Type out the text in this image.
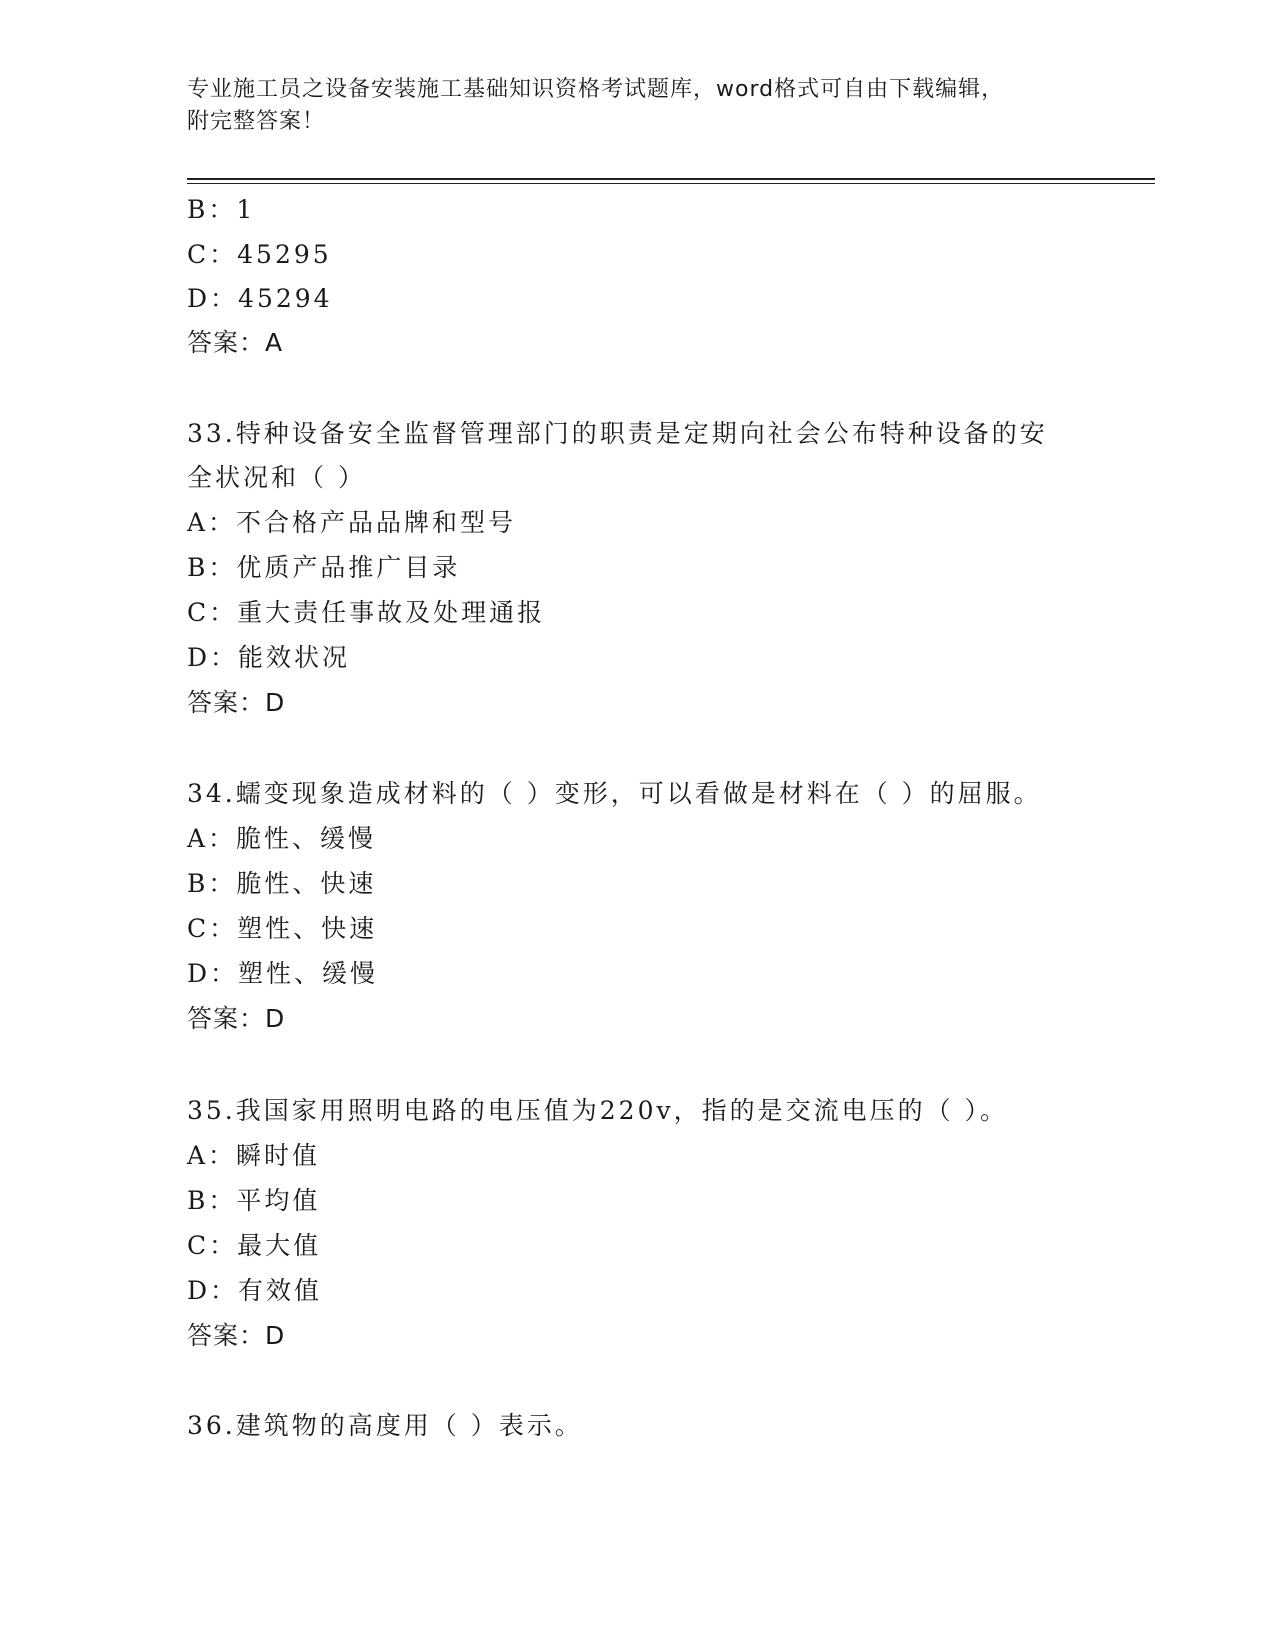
专业施工员之设备安装施工基础知识资格考试题库，word格式可自由下载编辑，
附完整答案！

B：1

C：45295

D：45294

答案：A

33.特种设备安全监督管理部门的职责是定期向社会公布特种设备的安

全状况和（ ）

A：不合格产品品牌和型号

B：优质产品推广目录

C：重大责任事故及处理通报

D：能效状况

答案：D

34.蠕变现象造成材料的（ ）变形，可以看做是材料在（ ）的屈服。

A：脆性、缓慢

B：脆性、快速

C：塑性、快速

D：塑性、缓慢

答案：D

35.我国家用照明电路的电压值为220v，指的是交流电压的（ ）。

A：瞬时值

B：平均值

C：最大值

D：有效值

答案：D

36.建筑物的高度用（ ）表示。
